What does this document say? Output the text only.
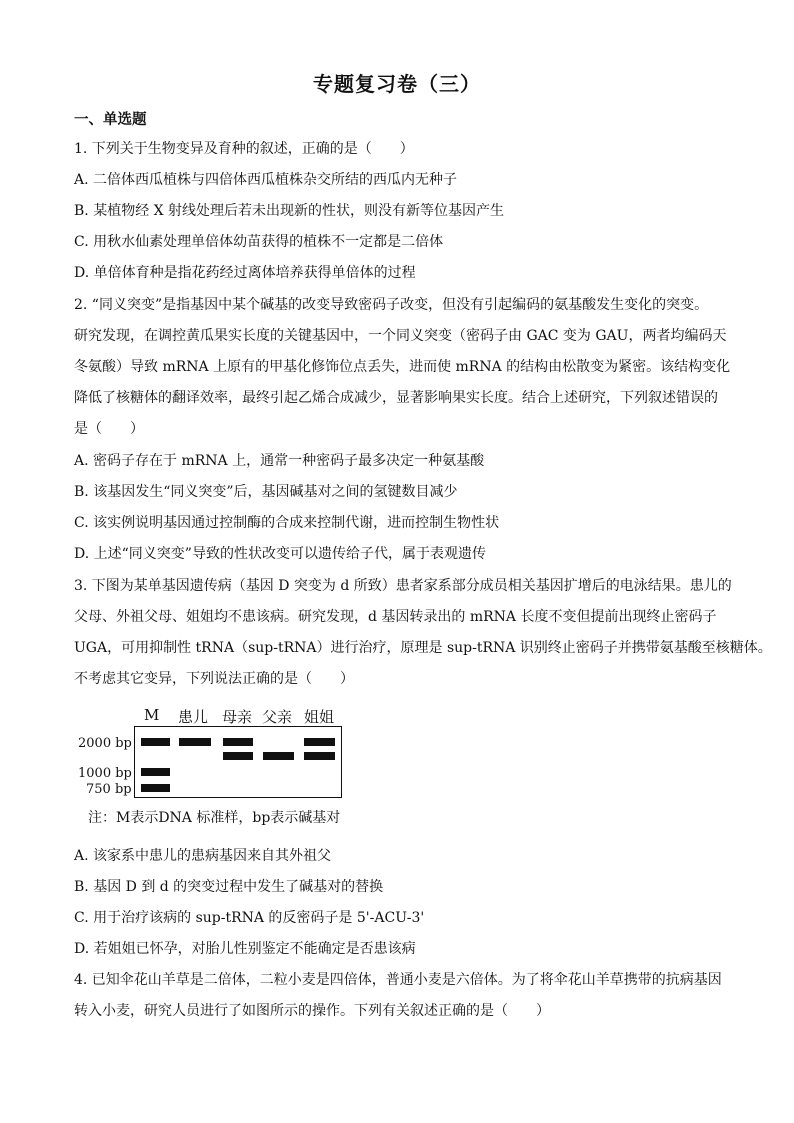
专题复习卷（三）
一、单选题
1. 下列关于生物变异及育种的叙述，正确的是（　　）
A. 二倍体西瓜植株与四倍体西瓜植株杂交所结的西瓜内无种子
B. 某植物经 X 射线处理后若未出现新的性状，则没有新等位基因产生
C. 用秋水仙素处理单倍体幼苗获得的植株不一定都是二倍体
D. 单倍体育种是指花药经过离体培养获得单倍体的过程
2. “同义突变”是指基因中某个碱基的改变导致密码子改变，但没有引起编码的氨基酸发生变化的突变。
研究发现，在调控黄瓜果实长度的关键基因中，一个同义突变（密码子由 GAC 变为 GAU，两者均编码天
冬氨酸）导致 mRNA 上原有的甲基化修饰位点丢失，进而使 mRNA 的结构由松散变为紧密。该结构变化
降低了核糖体的翻译效率，最终引起乙烯合成减少，显著影响果实长度。结合上述研究，下列叙述错误的
是（　　）
A. 密码子存在于 mRNA 上，通常一种密码子最多决定一种氨基酸
B. 该基因发生“同义突变”后，基因碱基对之间的氢键数目减少
C. 该实例说明基因通过控制酶的合成来控制代谢，进而控制生物性状
D. 上述“同义突变”导致的性状改变可以遗传给子代，属于表观遗传
3. 下图为某单基因遗传病（基因 D 突变为 d 所致）患者家系部分成员相关基因扩增后的电泳结果。患儿的
父母、外祖父母、姐姐均不患该病。研究发现，d 基因转录出的 mRNA 长度不变但提前出现终止密码子
UGA，可用抑制性 tRNA（sup-tRNA）进行治疗，原理是 sup-tRNA 识别终止密码子并携带氨基酸至核糖体。
不考虑其它变异，下列说法正确的是（　　）
M 患儿 母亲 父亲 姐姐
2000 bp
1000 bp
750 bp
注：M表示DNA 标准样，bp表示碱基对
A. 该家系中患儿的患病基因来自其外祖父
B. 基因 D 到 d 的突变过程中发生了碱基对的替换
C. 用于治疗该病的 sup-tRNA 的反密码子是 5'-ACU-3'
D. 若姐姐已怀孕，对胎儿性别鉴定不能确定是否患该病
4. 已知伞花山羊草是二倍体，二粒小麦是四倍体，普通小麦是六倍体。为了将伞花山羊草携带的抗病基因
转入小麦，研究人员进行了如图所示的操作。下列有关叙述正确的是（　　）
